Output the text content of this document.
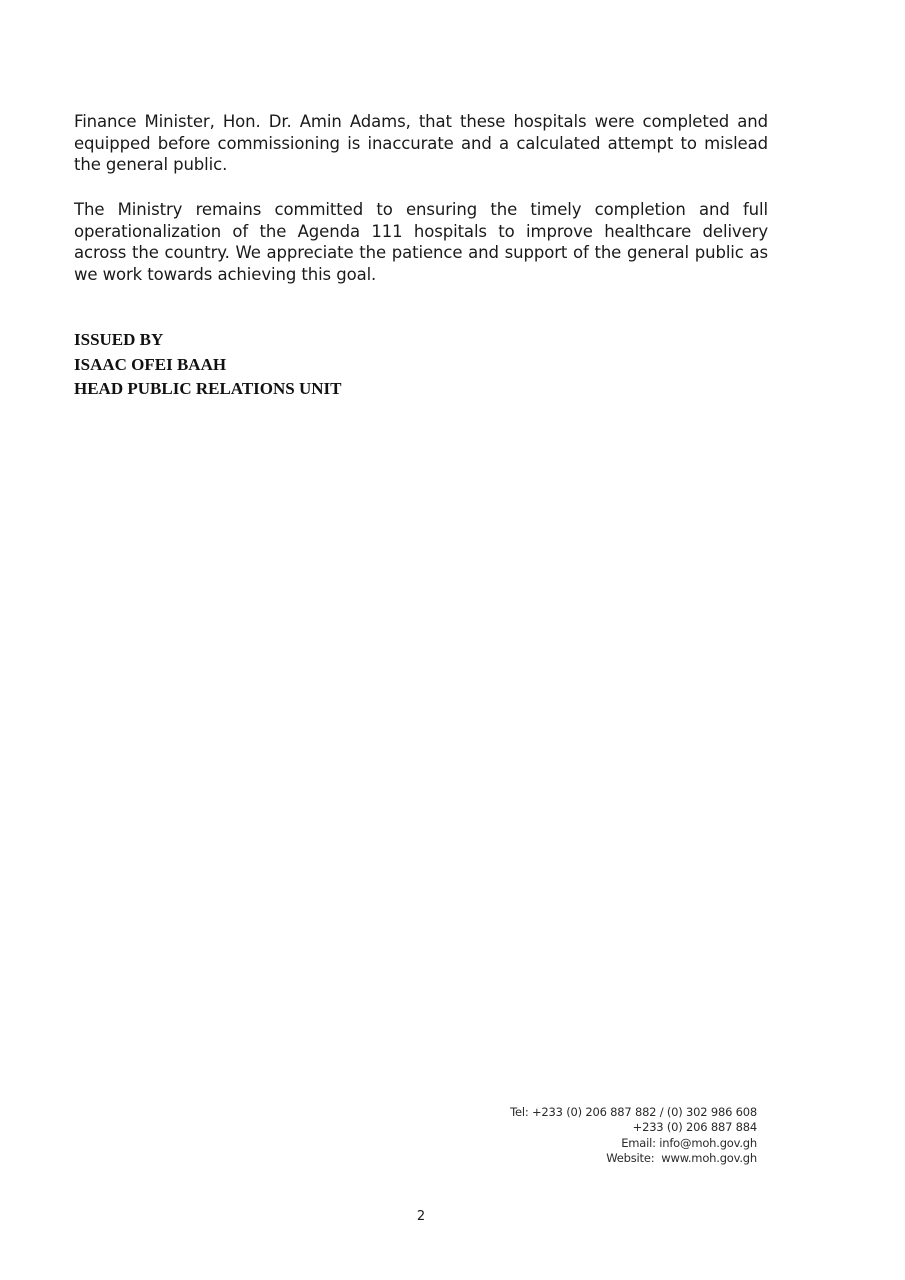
Finance Minister, Hon. Dr. Amin Adams, that these hospitals were completed and equipped before commissioning is inaccurate and a calculated attempt to mislead the general public.

The Ministry remains committed to ensuring the timely completion and full operationalization of the Agenda 111 hospitals to improve healthcare delivery across the country. We appreciate the patience and support of the general public as we work towards achieving this goal.

ISSUED BY
ISAAC OFEI BAAH
HEAD PUBLIC RELATIONS UNIT
Tel: +233 (0) 206 887 882 / (0) 302 986 608
+233 (0) 206 887 884
Email: info@moh.gov.gh
Website:  www.moh.gov.gh
2
